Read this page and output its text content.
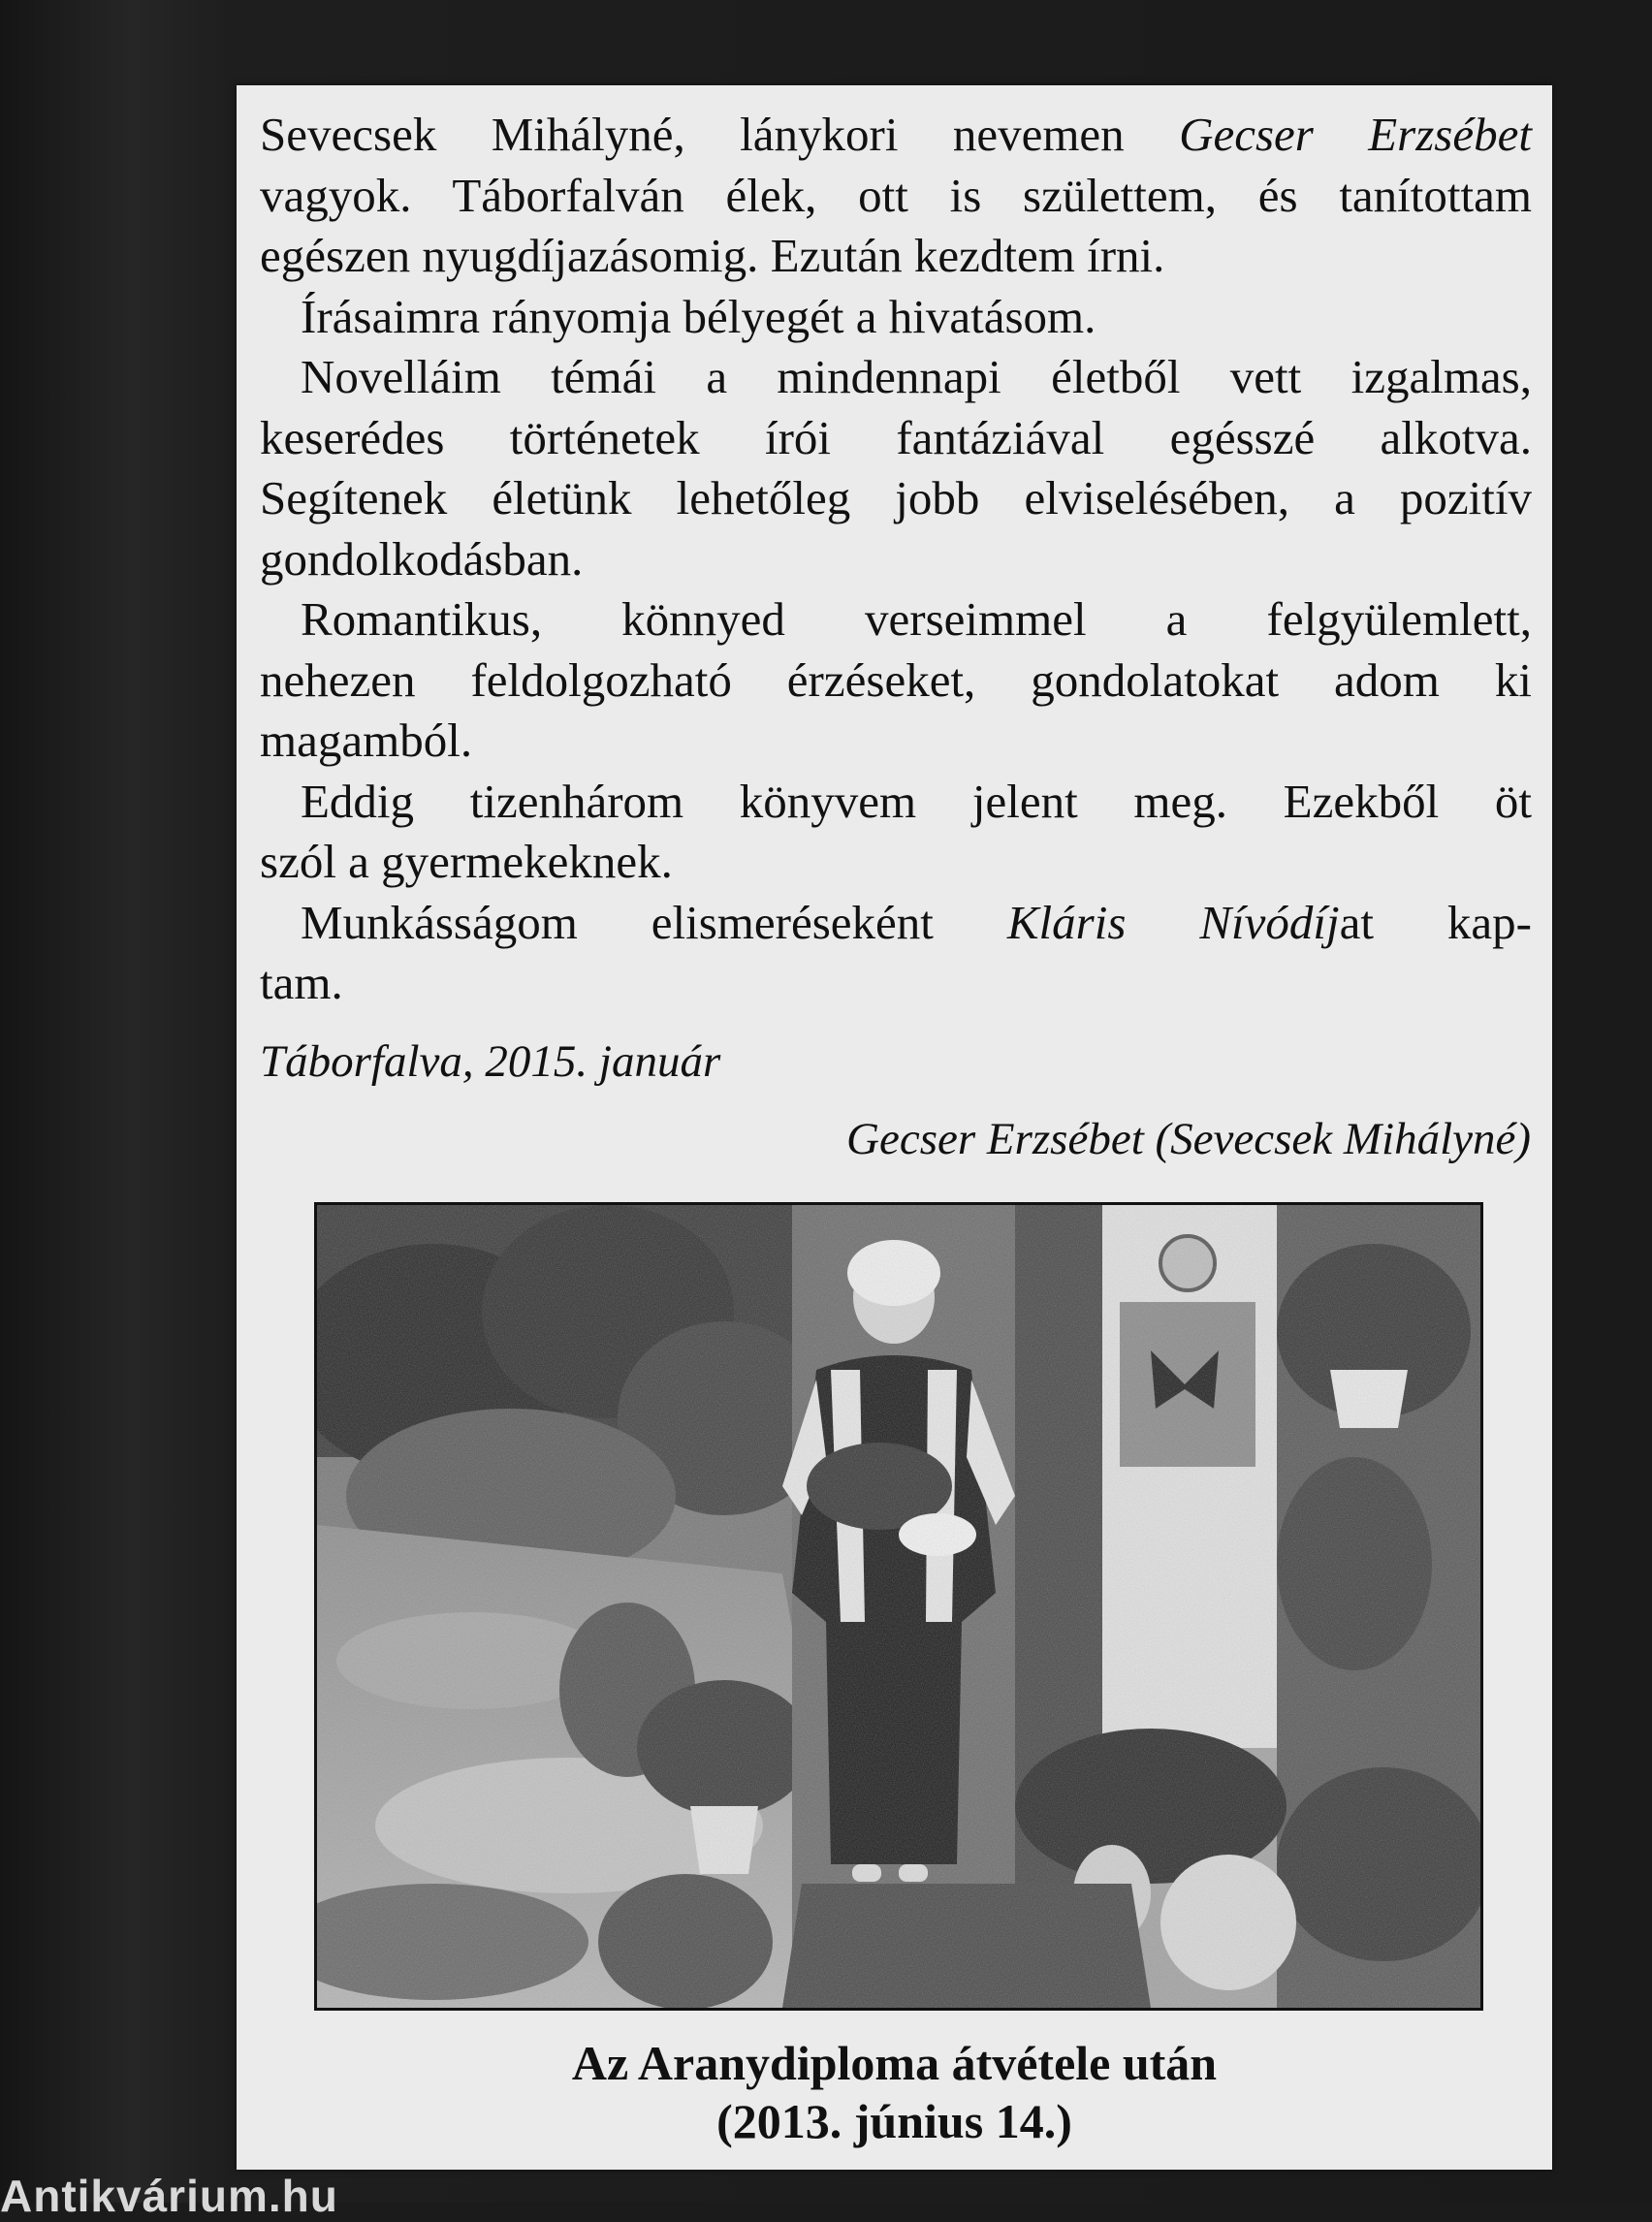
Sevecsek Mihályné, lánykori nevemen Gecser Erzsébet
vagyok. Táborfalván élek, ott is születtem, és tanítottam
egészen nyugdíjazásomig. Ezután kezdtem írni.
Írásaimra rányomja bélyegét a hivatásom.
Novelláim témái a mindennapi életből vett izgalmas,
keserédes történetek írói fantáziával egésszé alkotva.
Segítenek életünk lehetőleg jobb elviselésében, a pozitív
gondolkodásban.
Romantikus, könnyed verseimmel a felgyülemlett,
nehezen feldolgozható érzéseket, gondolatokat adom ki
magamból.
Eddig tizenhárom könyvem jelent meg. Ezekből öt
szól a gyermekeknek.
Munkásságom elismeréseként Kláris Nívódíjat kap-
tam.
Táborfalva, 2015. január
Gecser Erzsébet (Sevecsek Mihályné)
Az Aranydiploma átvétele után
(2013. június 14.)
Antikvárium.hu
